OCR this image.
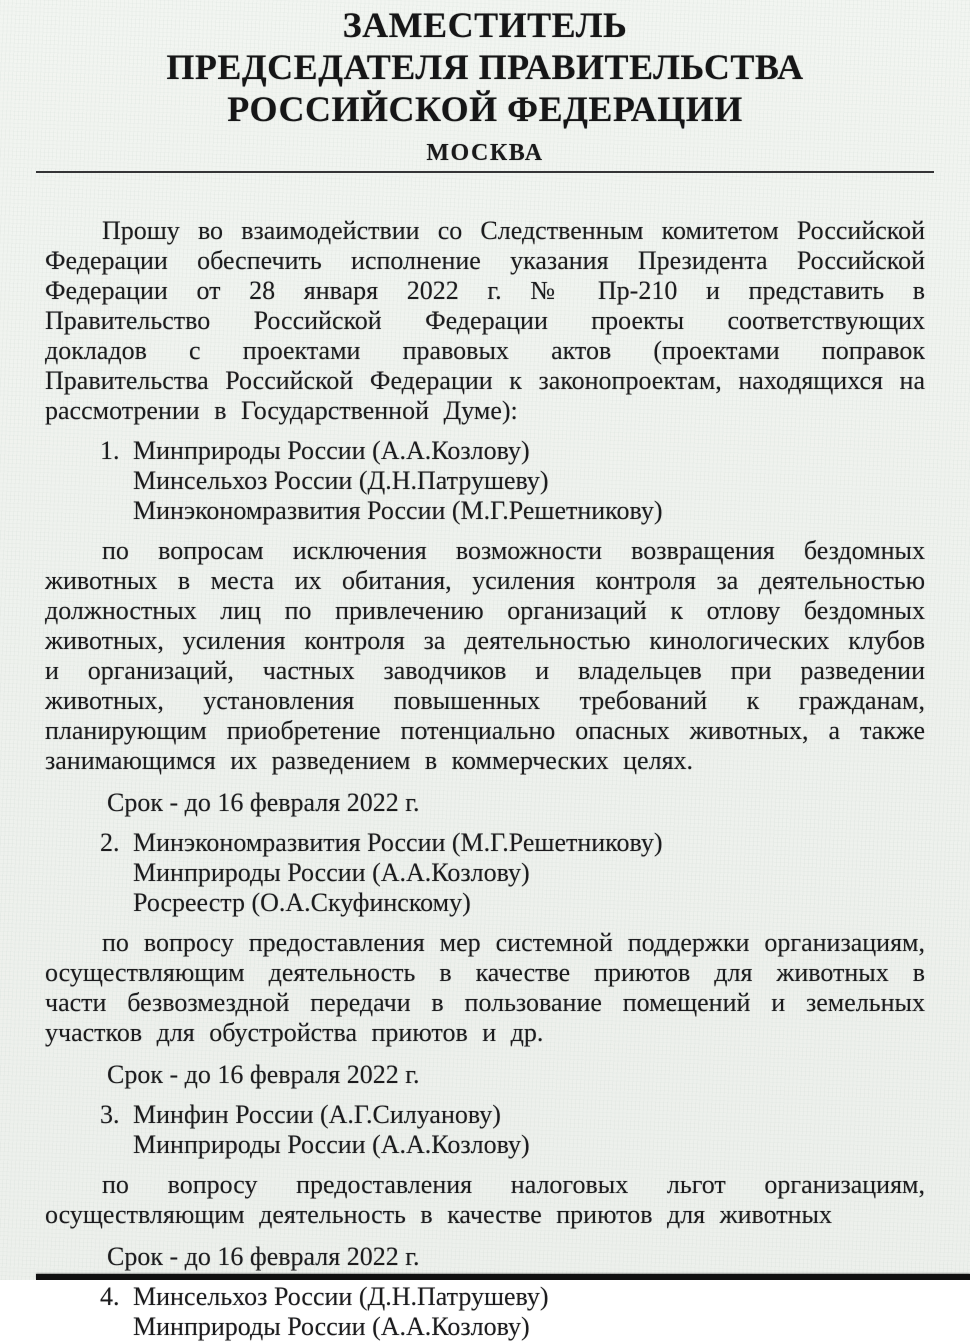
ЗАМЕСТИТЕЛЬ
ПРЕДСЕДАТЕЛЯ ПРАВИТЕЛЬСТВА
РОССИЙСКОЙ ФЕДЕРАЦИИ
МОСКВА

Прошу во взаимодействии со Следственным комитетом Российской Федерации обеспечить исполнение указания Президента Российской Федерации от 28 января 2022 г. № Пр-210 и представить в Правительство Российской Федерации проекты соответствующих докладов с проектами правовых актов (проектами поправок Правительства Российской Федерации к законопроектам, находящихся на рассмотрении в Государственной Думе):

1. Минприроды России (А.А.Козлову)
Минсельхоз России (Д.Н.Патрушеву)
Минэкономразвития России (М.Г.Решетникову)

по вопросам исключения возможности возвращения бездомных животных в места их обитания, усиления контроля за деятельностью должностных лиц по привлечению организаций к отлову бездомных животных, усиления контроля за деятельностью кинологических клубов и организаций, частных заводчиков и владельцев при разведении животных, установления повышенных требований к гражданам, планирующим приобретение потенциально опасных животных, а также занимающимся их разведением в коммерческих целях.

Срок - до 16 февраля 2022 г.

2. Минэкономразвития России (М.Г.Решетникову)
Минприроды России (А.А.Козлову)
Росреестр (О.А.Скуфинскому)

по вопросу предоставления мер системной поддержки организациям, осуществляющим деятельность в качестве приютов для животных в части безвозмездной передачи в пользование помещений и земельных участков для обустройства приютов и др.

Срок - до 16 февраля 2022 г.

3. Минфин России (А.Г.Силуанову)
Минприроды России (А.А.Козлову)

по вопросу предоставления налоговых льгот организациям, осуществляющим деятельность в качестве приютов для животных

Срок - до 16 февраля 2022 г.

4. Минсельхоз России (Д.Н.Патрушеву)
Минприроды России (А.А.Козлову)
